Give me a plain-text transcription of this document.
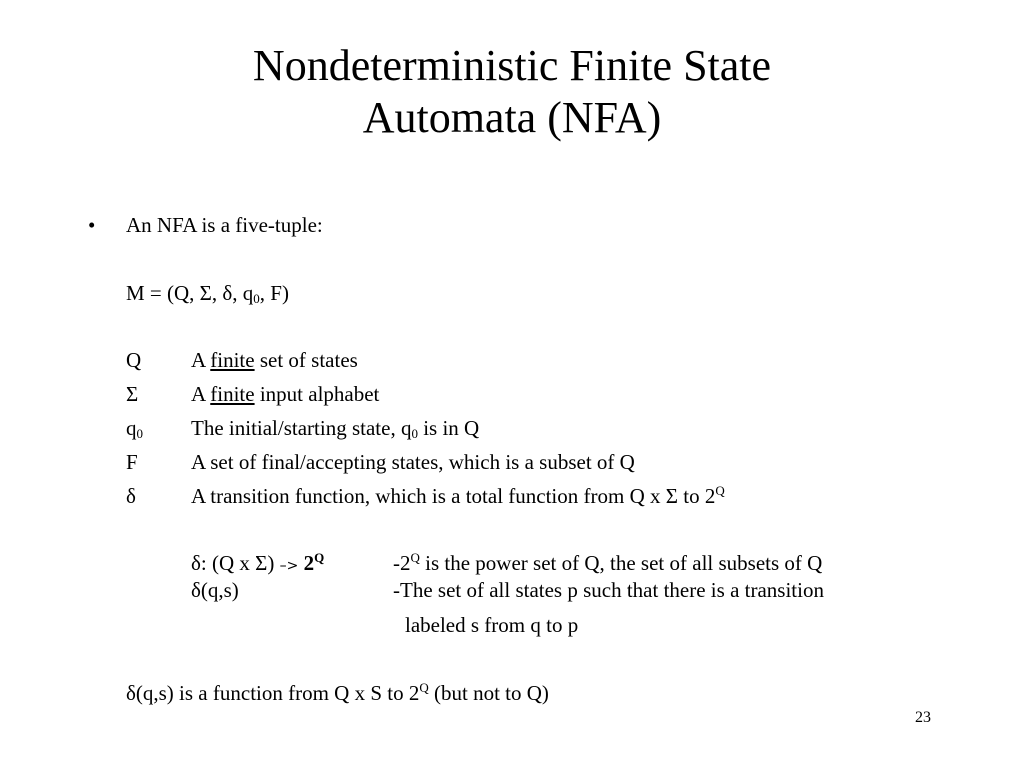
Nondeterministic Finite State
Automata (NFA)
• An NFA is a five-tuple:
M = (Q, Σ, δ, $q_0$, F)
Q A finite set of states
Σ	A finite input alphabet
$q_0$ The initial/starting state, $q_0$ is in Q
F	A set of final/accepting states, which is a subset of Q
δ	A transition function, which is a total function from Q x Σ to $2^Q$
δ: (Q x $\Sigma) -> 2^Q$	$-2^Q$ is the power set of Q, the set of all subsets of Q
δ(q,s)	-The set of all states p such that there is a transition
labeled s from q to p
δ(q,s) is a function from Q x S to $2^Q$ (but not to Q)
23
